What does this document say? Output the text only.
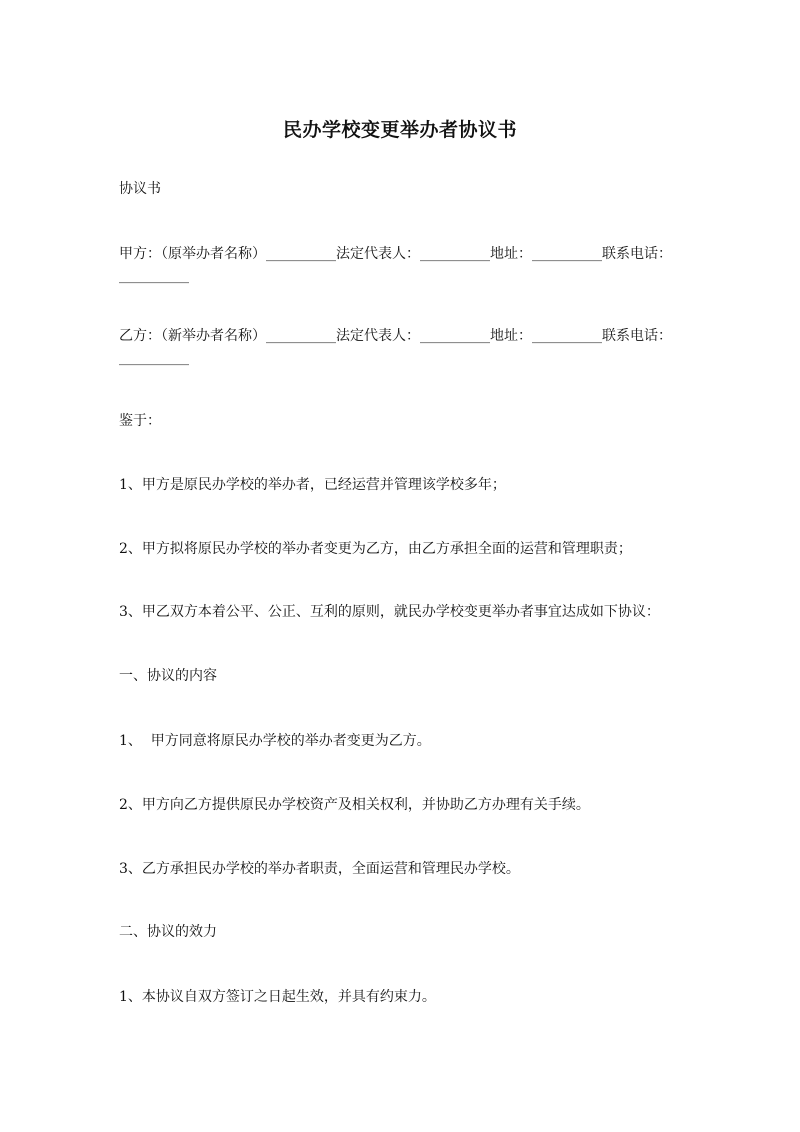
民办学校变更举办者协议书
协议书
甲方：（原举办者名称）__________法定代表人：__________地址：__________联系电话：__________
乙方：（新举办者名称）__________法定代表人：__________地址：__________联系电话：__________
鉴于：
1、甲方是原民办学校的举办者，已经运营并管理该学校多年；
2、甲方拟将原民办学校的举办者变更为乙方，由乙方承担全面的运营和管理职责；
3、甲乙双方本着公平、公正、互利的原则，就民办学校变更举办者事宜达成如下协议：
一、协议的内容
1、  甲方同意将原民办学校的举办者变更为乙方。
2、甲方向乙方提供原民办学校资产及相关权利，并协助乙方办理有关手续。
3、乙方承担民办学校的举办者职责，全面运营和管理民办学校。
二、协议的效力
1、本协议自双方签订之日起生效，并具有约束力。
